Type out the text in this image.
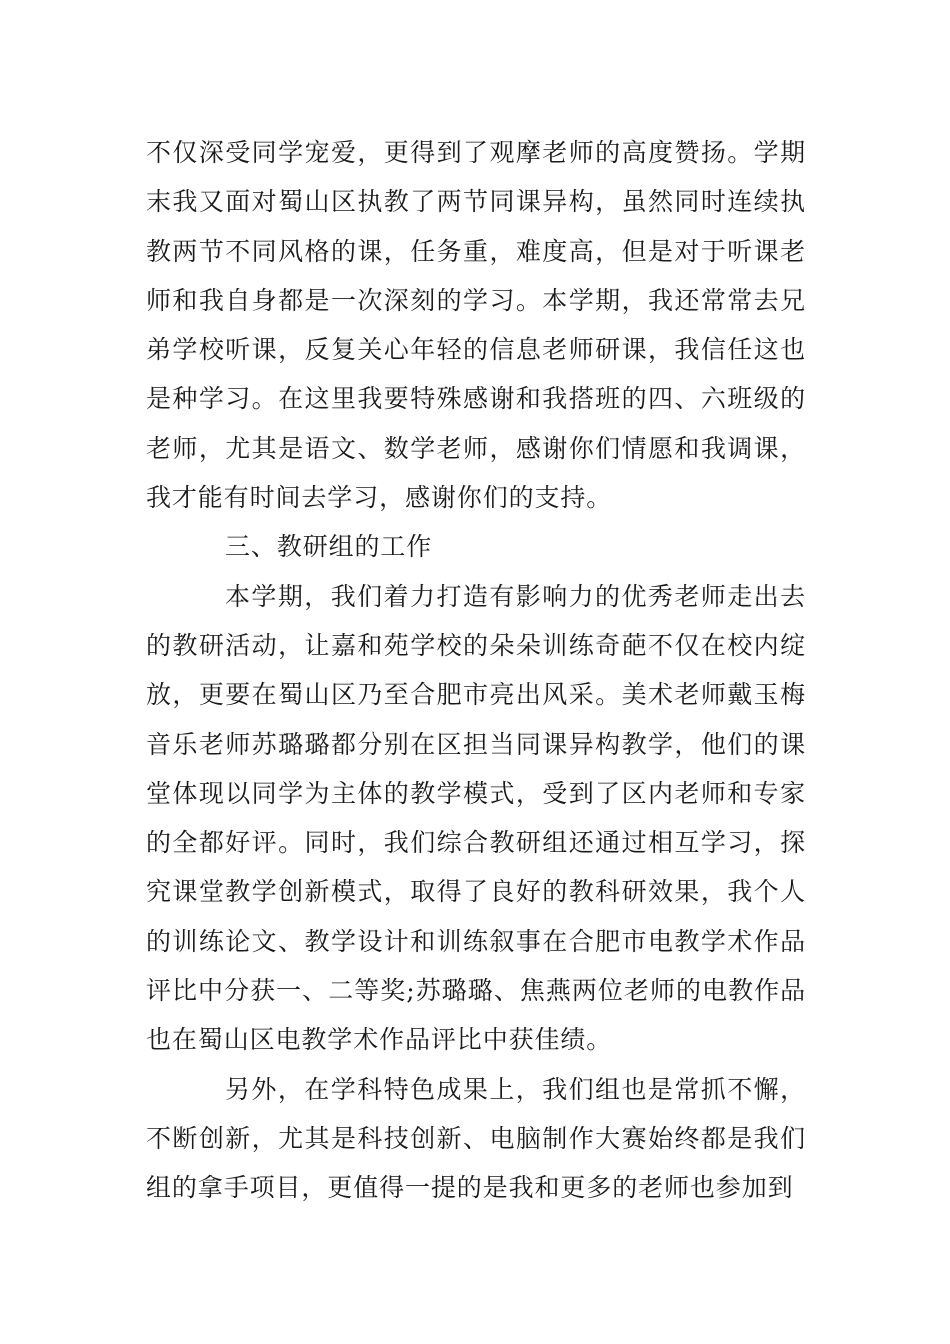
不仅深受同学宠爱，更得到了观摩老师的高度赞扬。学期末我又面对蜀山区执教了两节同课异构，虽然同时连续执教两节不同风格的课，任务重，难度高，但是对于听课老师和我自身都是一次深刻的学习。本学期，我还常常去兄弟学校听课，反复关心年轻的信息老师研课，我信任这也是种学习。在这里我要特殊感谢和我搭班的四、六班级的老师，尤其是语文、数学老师，感谢你们情愿和我调课，我才能有时间去学习，感谢你们的支持。

三、教研组的工作

本学期，我们着力打造有影响力的优秀老师走出去的教研活动，让嘉和苑学校的朵朵训练奇葩不仅在校内绽放，更要在蜀山区乃至合肥市亮出风采。美术老师戴玉梅音乐老师苏璐璐都分别在区担当同课异构教学，他们的课堂体现以同学为主体的教学模式，受到了区内老师和专家的全都好评。同时，我们综合教研组还通过相互学习，探究课堂教学创新模式，取得了良好的教科研效果，我个人的训练论文、教学设计和训练叙事在合肥市电教学术作品评比中分获一、二等奖;苏璐璐、焦燕两位老师的电教作品也在蜀山区电教学术作品评比中获佳绩。

另外，在学科特色成果上，我们组也是常抓不懈，不断创新，尤其是科技创新、电脑制作大赛始终都是我们组的拿手项目，更值得一提的是我和更多的老师也参加到
